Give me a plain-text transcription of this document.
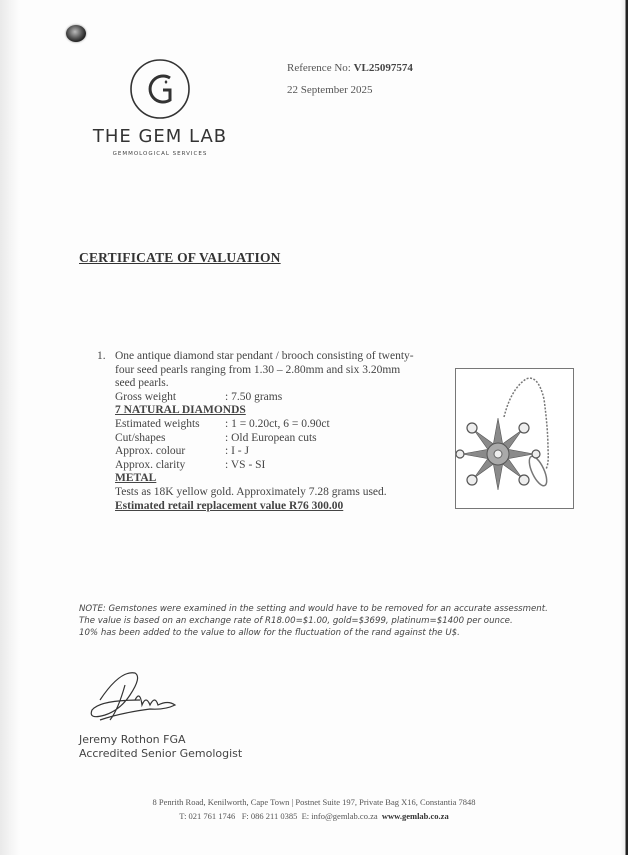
THE GEM LAB
GEMMOLOGICAL SERVICES
Reference No: VL25097574
22 September 2025
CERTIFICATE OF VALUATION
1. One antique diamond star pendant / brooch consisting of twenty-four seed pearls ranging from 1.30 – 2.80mm and six 3.20mm seed pearls.
Gross weight	: 7.50 grams
7 NATURAL DIAMONDS
Estimated weights	: 1 = 0.20ct, 6 = 0.90ct
Cut/shapes	: Old European cuts
Approx. colour	: I - J
Approx. clarity	: VS - SI
METAL
Tests as 18K yellow gold. Approximately 7.28 grams used.
Estimated retail replacement value R76 300.00
NOTE: Gemstones were examined in the setting and would have to be removed for an accurate assessment.
The value is based on an exchange rate of R18.00=$1.00, gold=$3699, platinum=$1400 per ounce.
10% has been added to the value to allow for the fluctuation of the rand against the U$.
Jeremy Rothon FGA
Accredited Senior Gemologist
8 Penrith Road, Kenilworth, Cape Town | Postnet Suite 197, Private Bag X16, Constantia 7848
T: 021 761 1746 F: 086 211 0385 E: info@gemlab.co.za www.gemlab.co.za
